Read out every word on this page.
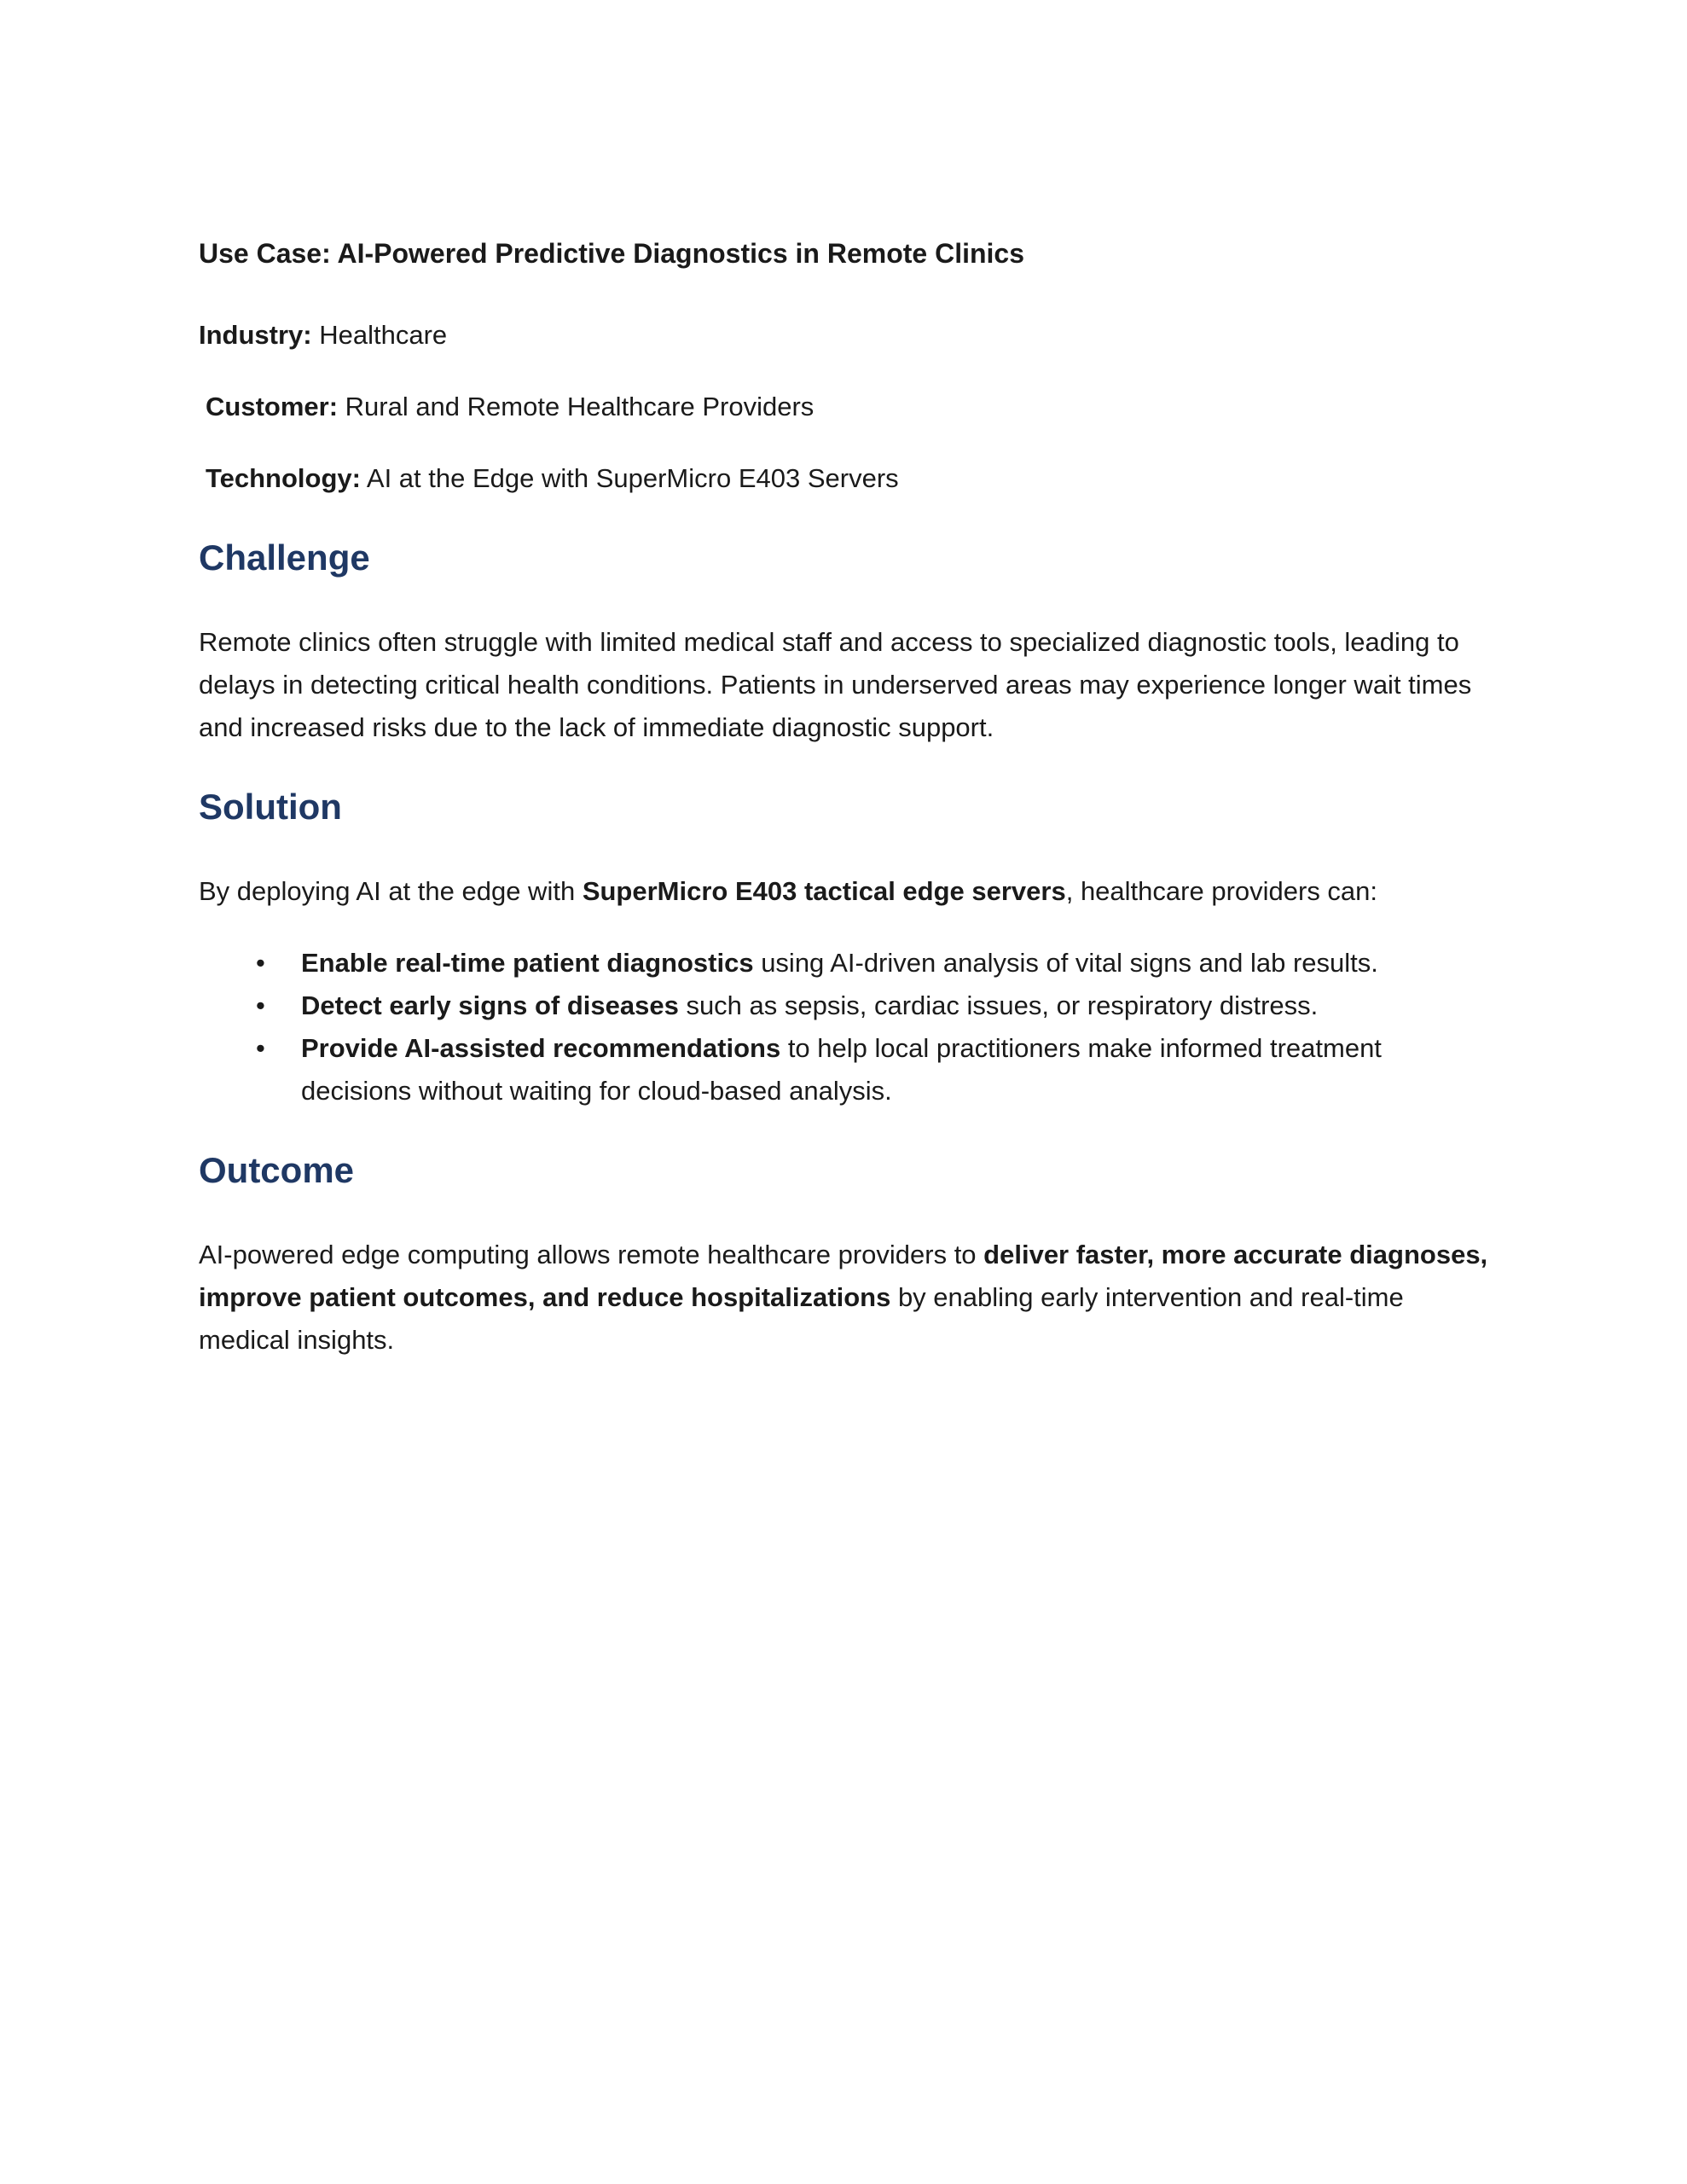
Use Case: AI-Powered Predictive Diagnostics in Remote Clinics

Industry: Healthcare

Customer: Rural and Remote Healthcare Providers

Technology: AI at the Edge with SuperMicro E403 Servers

Challenge

Remote clinics often struggle with limited medical staff and access to specialized diagnostic tools, leading to delays in detecting critical health conditions. Patients in underserved areas may experience longer wait times and increased risks due to the lack of immediate diagnostic support.

Solution

By deploying AI at the edge with SuperMicro E403 tactical edge servers, healthcare providers can:

• Enable real-time patient diagnostics using AI-driven analysis of vital signs and lab results.
• Detect early signs of diseases such as sepsis, cardiac issues, or respiratory distress.
• Provide AI-assisted recommendations to help local practitioners make informed treatment decisions without waiting for cloud-based analysis.
Outcome

AI-powered edge computing allows remote healthcare providers to deliver faster, more accurate diagnoses, improve patient outcomes, and reduce hospitalizations by enabling early intervention and real-time medical insights.
